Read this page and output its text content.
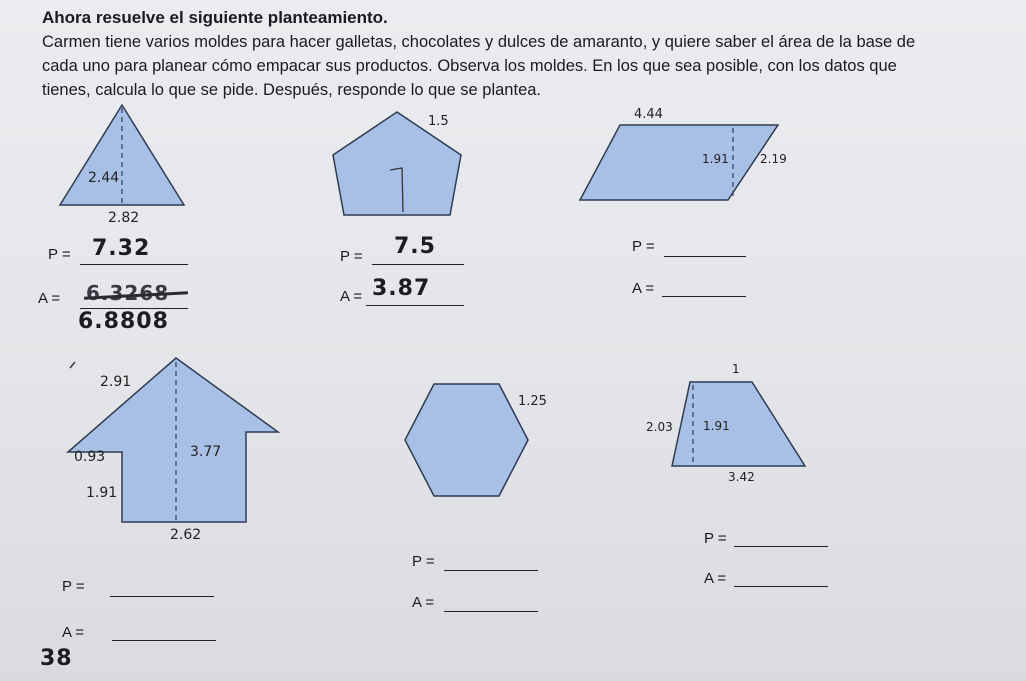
Ahora resuelve el siguiente planteamiento.
Carmen tiene varios moldes para hacer galletas, chocolates y dulces de amaranto, y quiere saber el área de la base de
cada uno para planear cómo empacar sus productos. Observa los moldes. En los que sea posible, con los datos que
tienes, calcula lo que se pide. Después, responde lo que se plantea.
2.44
2.82
1.5	4.44
1.91	2.19
2.91
0.93	3.77
1.91
2.62
1.25
1
2.03	1.91
3.42
P = 7.32
A = 6.3268
6.8808
P = 7.5
A = 3.87
P =
A =
P =
A =
38
P =
A =
P =
A =
